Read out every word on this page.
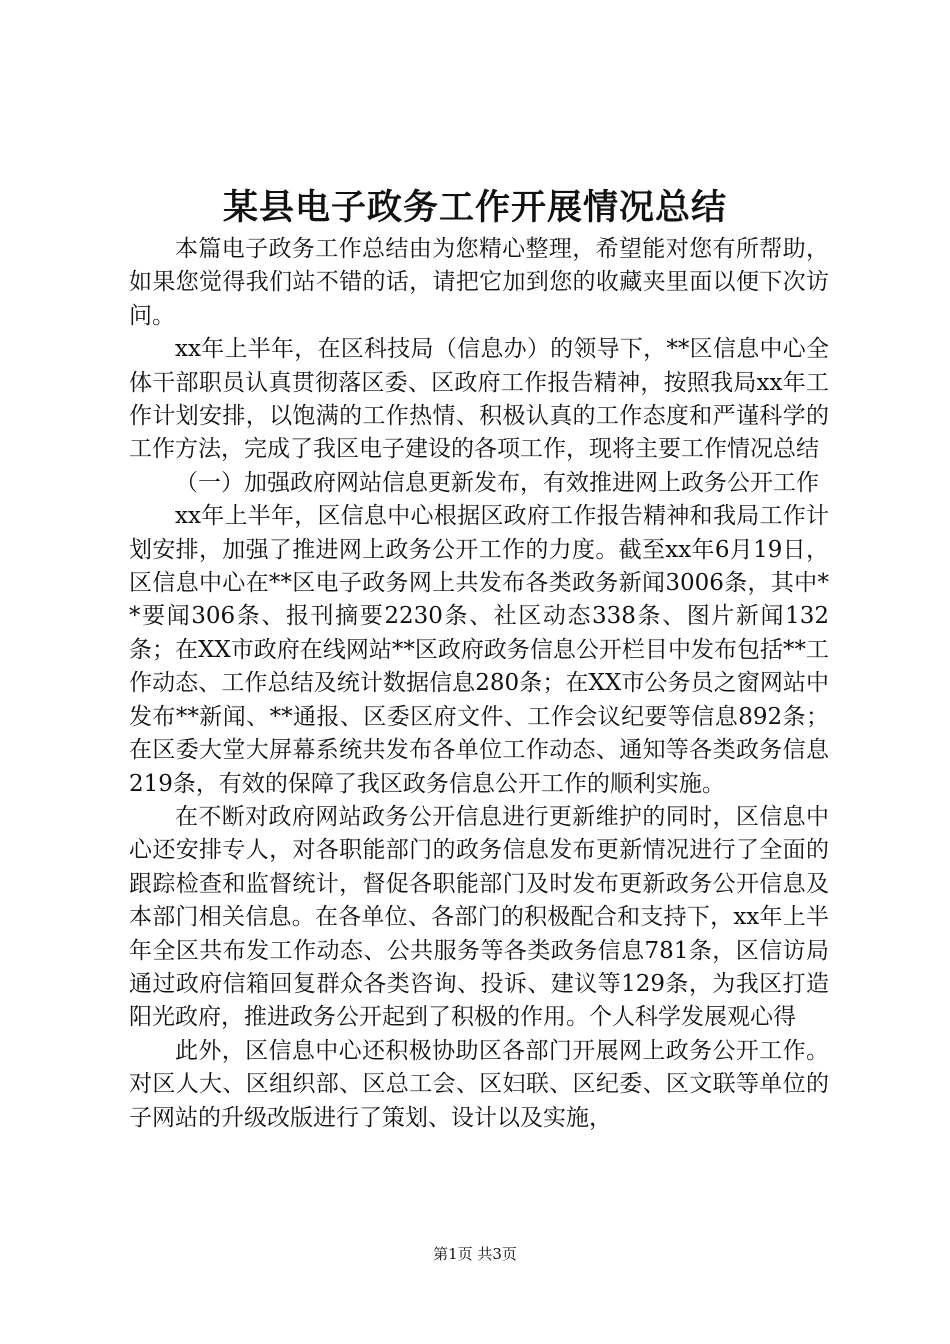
某县电子政务工作开展情况总结

本篇电子政务工作总结由为您精心整理，希望能对您有所帮助，如果您觉得我们站不错的话，请把它加到您的收藏夹里面以便下次访问。

xx年上半年，在区科技局（信息办）的领导下，**区信息中心全体干部职员认真贯彻落区委、区政府工作报告精神，按照我局xx年工作计划安排，以饱满的工作热情、积极认真的工作态度和严谨科学的工作方法，完成了我区电子建设的各项工作，现将主要工作情况总结

（一）加强政府网站信息更新发布，有效推进网上政务公开工作

xx年上半年，区信息中心根据区政府工作报告精神和我局工作计划安排，加强了推进网上政务公开工作的力度。截至xx年6月19日，区信息中心在**区电子政务网上共发布各类政务新闻3006条，其中**要闻306条、报刊摘要2230条、社区动态338条、图片新闻132条；在XX市政府在线网站**区政府政务信息公开栏目中发布包括**工作动态、工作总结及统计数据信息280条；在XX市公务员之窗网站中发布**新闻、**通报、区委区府文件、工作会议纪要等信息892条；在区委大堂大屏幕系统共发布各单位工作动态、通知等各类政务信息219条，有效的保障了我区政务信息公开工作的顺利实施。

在不断对政府网站政务公开信息进行更新维护的同时，区信息中心还安排专人，对各职能部门的政务信息发布更新情况进行了全面的跟踪检查和监督统计，督促各职能部门及时发布更新政务公开信息及本部门相关信息。在各单位、各部门的积极配合和支持下，xx年上半年全区共布发工作动态、公共服务等各类政务信息781条，区信访局通过政府信箱回复群众各类咨询、投诉、建议等129条，为我区打造阳光政府，推进政务公开起到了积极的作用。个人科学发展观心得

此外，区信息中心还积极协助区各部门开展网上政务公开工作。对区人大、区组织部、区总工会、区妇联、区纪委、区文联等单位的子网站的升级改版进行了策划、设计以及实施，

第1页 共3页
